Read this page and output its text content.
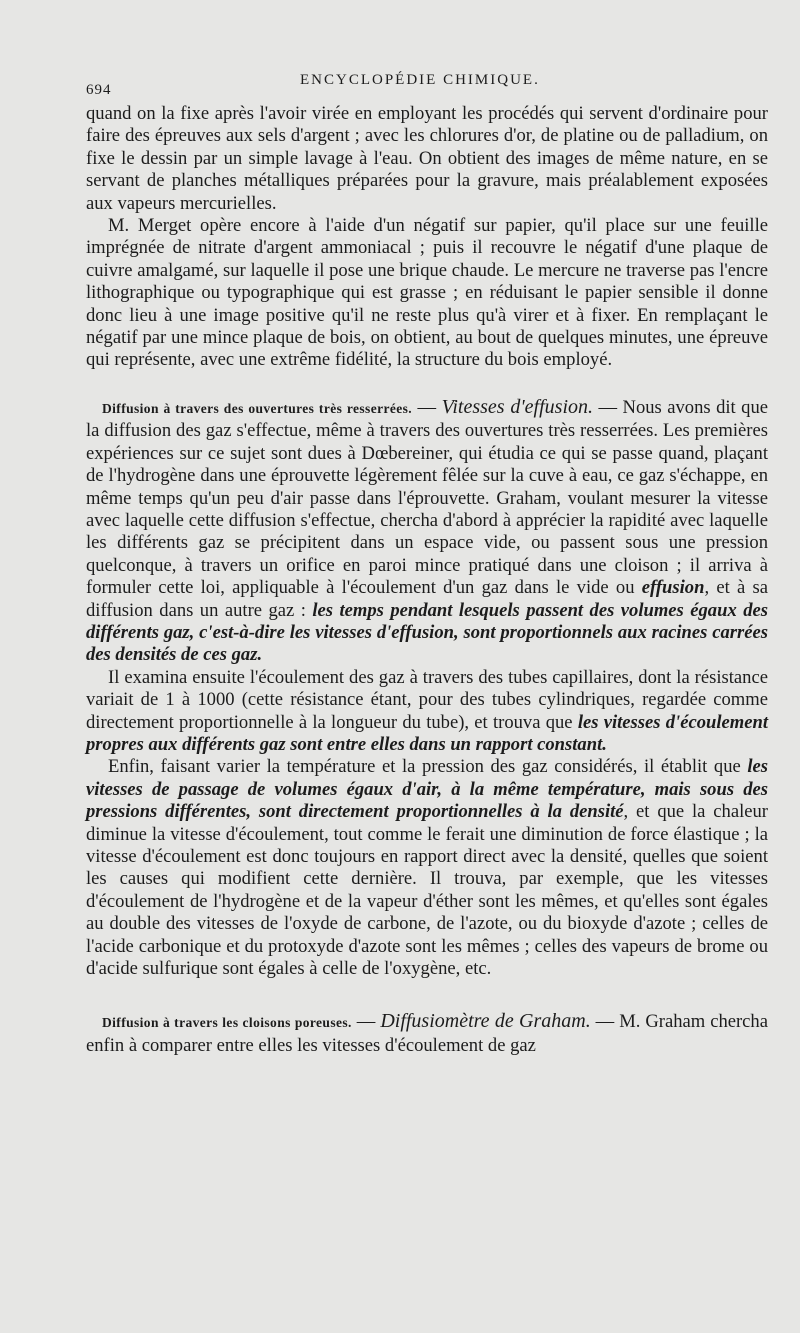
694
ENCYCLOPÉDIE CHIMIQUE.

quand on la fixe après l'avoir virée en employant les procédés qui servent d'ordinaire pour faire des épreuves aux sels d'argent ; avec les chlorures d'or, de platine ou de palladium, on fixe le dessin par un simple lavage à l'eau. On obtient des images de même nature, en se servant de planches métalliques préparées pour la gravure, mais préalablement exposées aux vapeurs mercurielles.

M. Merget opère encore à l'aide d'un négatif sur papier, qu'il place sur une feuille imprégnée de nitrate d'argent ammoniacal ; puis il recouvre le négatif d'une plaque de cuivre amalgamé, sur laquelle il pose une brique chaude. Le mercure ne traverse pas l'encre lithographique ou typographique qui est grasse ; en réduisant le papier sensible il donne donc lieu à une image positive qu'il ne reste plus qu'à virer et à fixer. En remplaçant le négatif par une mince plaque de bois, on obtient, au bout de quelques minutes, une épreuve qui représente, avec une extrême fidélité, la structure du bois employé.

Diffusion à travers des ouvertures très resserrées. — Vitesses d'effusion. — Nous avons dit que la diffusion des gaz s'effectue, même à travers des ouvertures très resserrées. Les premières expériences sur ce sujet sont dues à Dœbereiner, qui étudia ce qui se passe quand, plaçant de l'hydrogène dans une éprouvette légèrement fêlée sur la cuve à eau, ce gaz s'échappe, en même temps qu'un peu d'air passe dans l'éprouvette. Graham, voulant mesurer la vitesse avec laquelle cette diffusion s'effectue, chercha d'abord à apprécier la rapidité avec laquelle les différents gaz se précipitent dans un espace vide, ou passent sous une pression quelconque, à travers un orifice en paroi mince pratiqué dans une cloison ; il arriva à formuler cette loi, appliquable à l'écoulement d'un gaz dans le vide ou effusion, et à sa diffusion dans un autre gaz : les temps pendant lesquels passent des volumes égaux des différents gaz, c'est-à-dire les vitesses d'effusion, sont proportionnels aux racines carrées des densités de ces gaz.

Il examina ensuite l'écoulement des gaz à travers des tubes capillaires, dont la résistance variait de 1 à 1000 (cette résistance étant, pour des tubes cylindriques, regardée comme directement proportionnelle à la longueur du tube), et trouva que les vitesses d'écoulement propres aux différents gaz sont entre elles dans un rapport constant.

Enfin, faisant varier la température et la pression des gaz considérés, il établit que les vitesses de passage de volumes égaux d'air, à la même température, mais sous des pressions différentes, sont directement proportionnelles à la densité, et que la chaleur diminue la vitesse d'écoulement, tout comme le ferait une diminution de force élastique ; la vitesse d'écoulement est donc toujours en rapport direct avec la densité, quelles que soient les causes qui modifient cette dernière. Il trouva, par exemple, que les vitesses d'écoulement de l'hydrogène et de la vapeur d'éther sont les mêmes, et qu'elles sont égales au double des vitesses de l'oxyde de carbone, de l'azote, ou du bioxyde d'azote ; celles de l'acide carbonique et du protoxyde d'azote sont les mêmes ; celles des vapeurs de brome ou d'acide sulfurique sont égales à celle de l'oxygène, etc.

Diffusion à travers les cloisons poreuses. — Diffusiomètre de Graham. — M. Graham chercha enfin à comparer entre elles les vitesses d'écoulement de gaz
